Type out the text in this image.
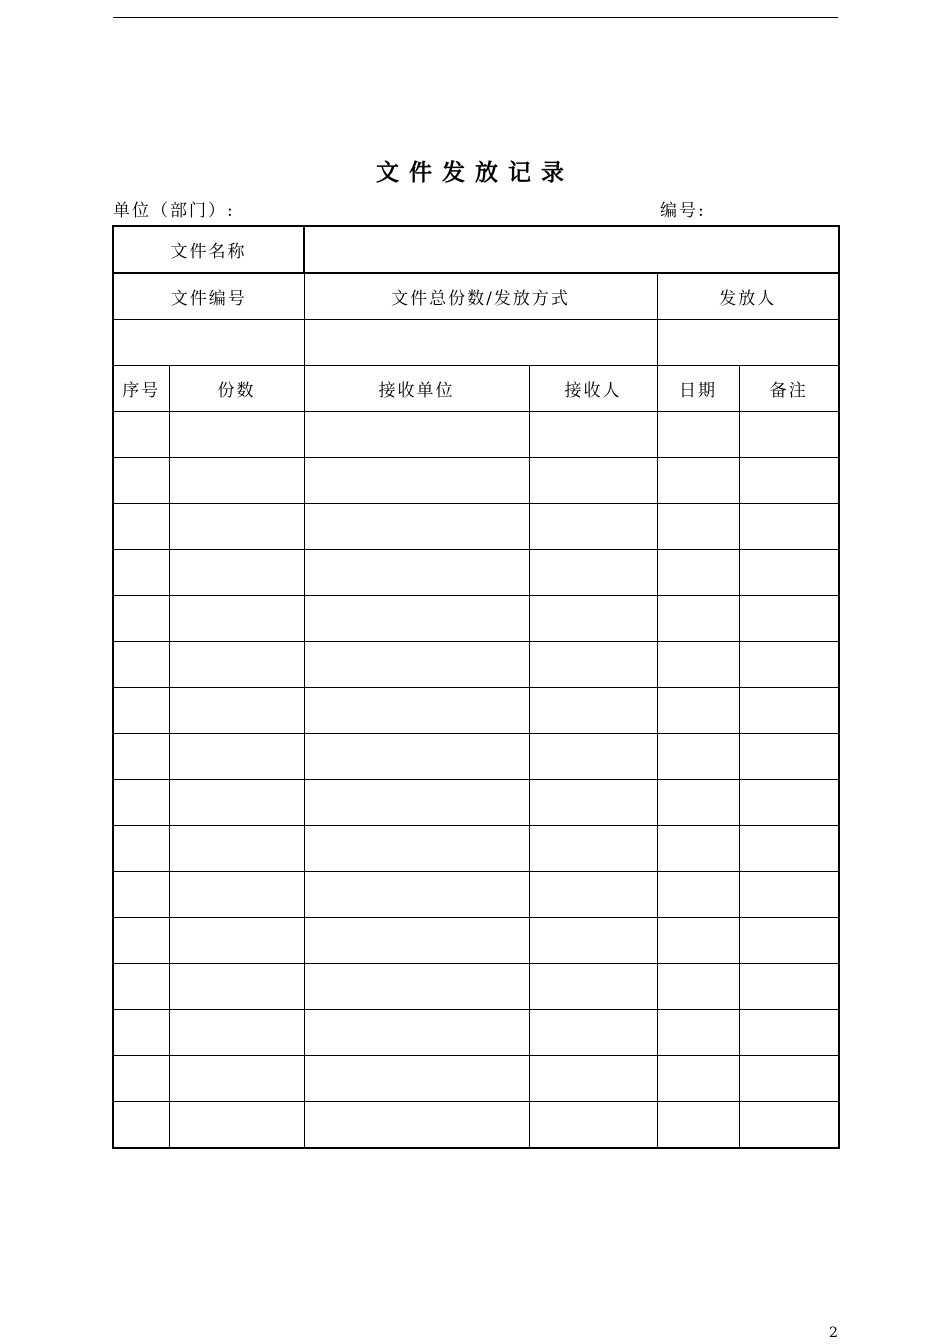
文件发放记录
单位（部门）:	编号:
文件名称					
文件编号		文件总份数/发放方式		发放人	

序号	份数	接收单位	接收人	日期	备注

2
